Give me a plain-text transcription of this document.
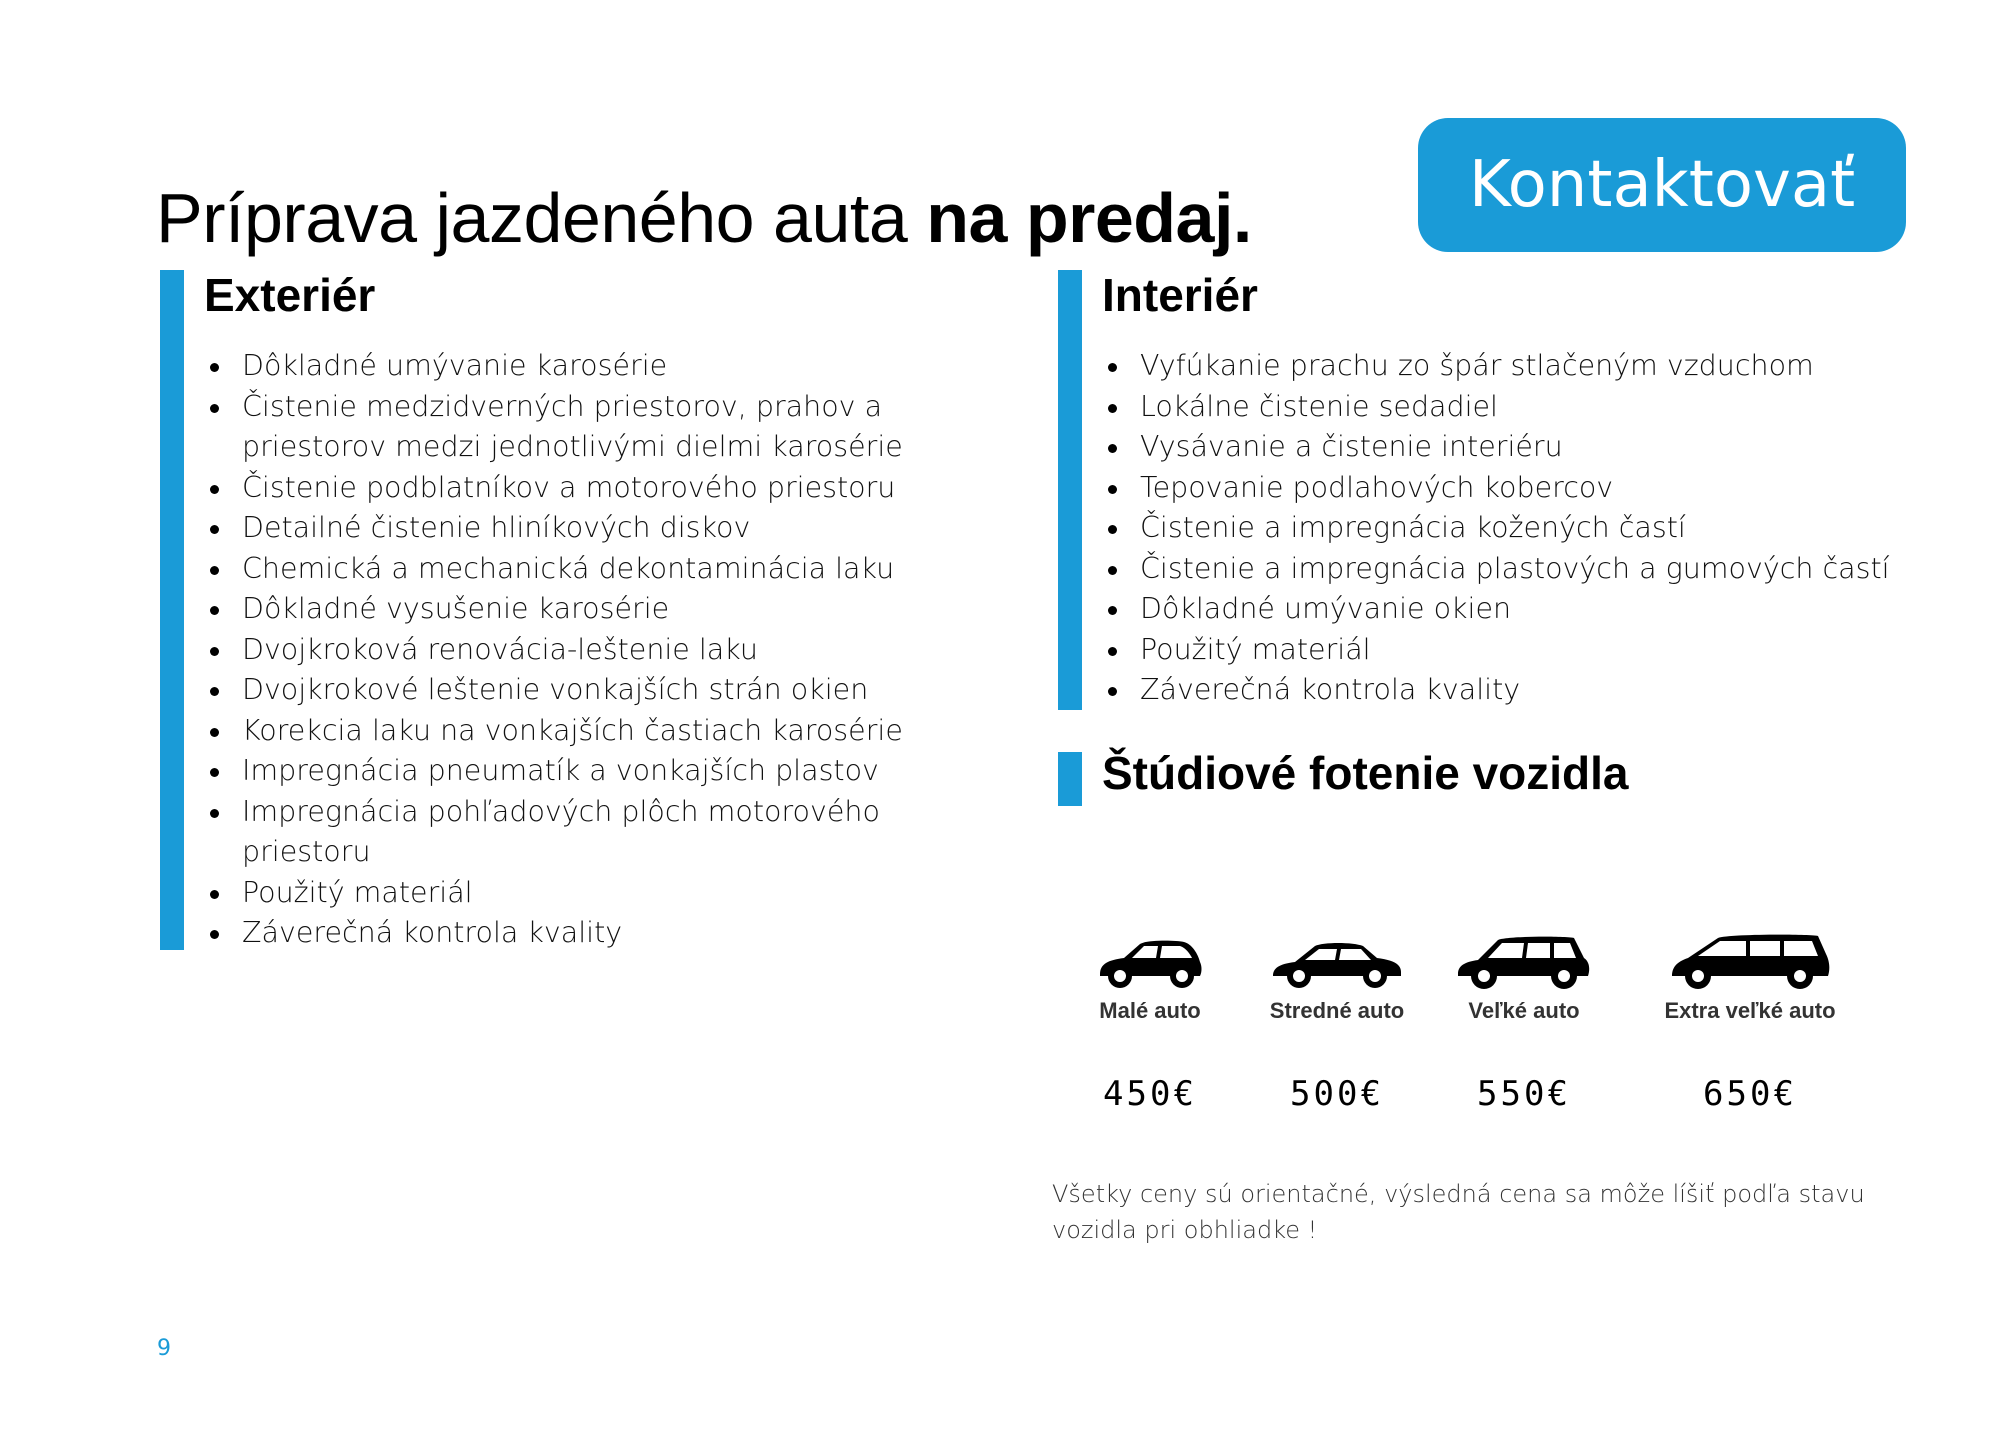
Príprava jazdeného auta na predaj.	Kontaktovať
Exteriér
Dôkladné umývanie karosérie
Čistenie medzidverných priestorov, prahov a
priestorov medzi jednotlivými dielmi karosérie
Čistenie podblatníkov a motorového priestoru
Detailné čistenie hliníkových diskov
Chemická a mechanická dekontaminácia laku
Dôkladné vysušenie karosérie
Dvojkroková renovácia-leštenie laku
Dvojkrokové leštenie vonkajších strán okien
Korekcia laku na vonkajších častiach karosérie
Impregnácia pneumatík a vonkajších plastov
Impregnácia pohľadových plôch motorového
priestoru
Použitý materiál
Záverečná kontrola kvality
Interiér
Vyfúkanie prachu zo špár stlačeným vzduchom
Lokálne čistenie sedadiel
Vysávanie a čistenie interiéru
Tepovanie podlahových kobercov
Čistenie a impregnácia kožených častí
Čistenie a impregnácia plastových a gumových častí
Dôkladné umývanie okien
Použitý materiál
Záverečná kontrola kvality
Štúdiové fotenie vozidla
Malé auto
450€
Stredné auto
500€
Veľké auto
550€
Extra veľké auto
650€

Všetky ceny sú orientačné, výsledná cena sa môže líšiť podľa stavu vozidla pri obhliadke !

9
